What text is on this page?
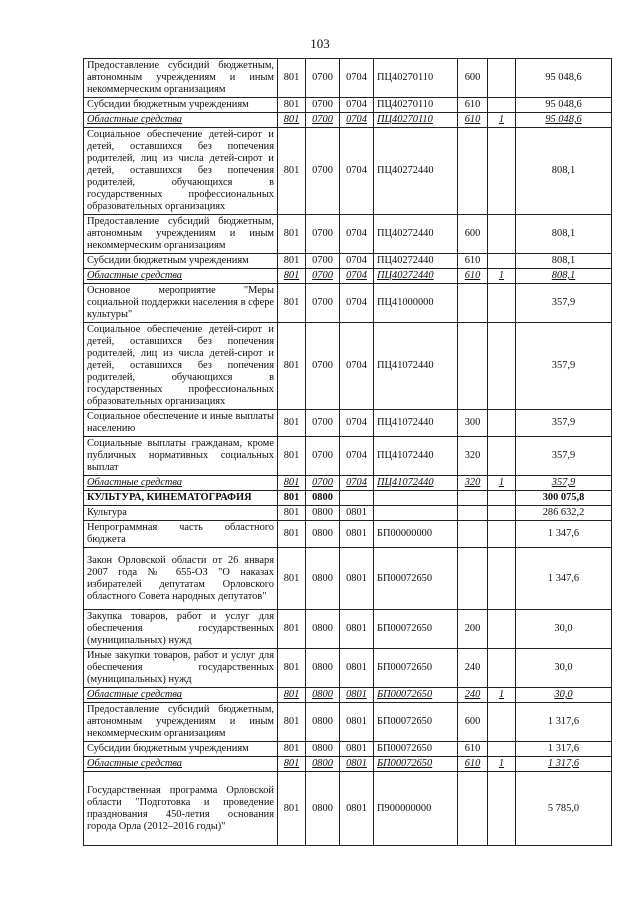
103
Предоставление субсидий бюджетным, автономным учреждениям и иным некоммерческим организациям	801	0700	0704	ПЦ40270110	600		95 048,6
Субсидии бюджетным учреждениям	801	0700	0704	ПЦ40270110	610		95 048,6
Областные средства	801	0700	0704	ПЦ40270110	610	1	95 048,6
Социальное обеспечение детей-сирот и детей, оставшихся без попечения родителей, лиц из числа детей-сирот и детей, оставшихся без попечения родителей, обучающихся в государственных профессиональных образовательных организациях	801	0700	0704	ПЦ40272440			808,1
Предоставление субсидий бюджетным, автономным учреждениям и иным некоммерческим организациям	801	0700	0704	ПЦ40272440	600		808,1
Субсидии бюджетным учреждениям	801	0700	0704	ПЦ40272440	610		808,1
Областные средства	801	0700	0704	ПЦ40272440	610	1	808,1
Основное мероприятие "Меры социальной поддержки населения в сфере культуры"	801	0700	0704	ПЦ41000000			357,9
Социальное обеспечение детей-сирот и детей, оставшихся без попечения родителей, лиц из числа детей-сирот и детей, оставшихся без попечения родителей, обучающихся в государственных профессиональных образовательных организациях	801	0700	0704	ПЦ41072440			357,9
Социальное обеспечение и иные выплаты населению	801	0700	0704	ПЦ41072440	300		357,9
Социальные выплаты гражданам, кроме публичных нормативных социальных выплат	801	0700	0704	ПЦ41072440	320		357,9
Областные средства	801	0700	0704	ПЦ41072440	320	1	357,9
КУЛЬТУРА, КИНЕМАТОГРАФИЯ	801	0800					300 075,8
Культура	801	0800	0801				286 632,2
Непрограммная часть областного бюджета	801	0800	0801	БП00000000			1 347,6
Закон Орловской области от 26 января 2007 года № 655-ОЗ "О наказах избирателей депутатам Орловского областного Совета народных депутатов"	801	0800	0801	БП00072650			1 347,6
Закупка товаров, работ и услуг для обеспечения государственных (муниципальных) нужд	801	0800	0801	БП00072650	200		30,0
Иные закупки товаров, работ и услуг для обеспечения государственных (муниципальных) нужд	801	0800	0801	БП00072650	240		30,0
Областные средства	801	0800	0801	БП00072650	240	1	30,0
Предоставление субсидий бюджетным, автономным учреждениям и иным некоммерческим организациям	801	0800	0801	БП00072650	600		1 317,6
Субсидии бюджетным учреждениям	801	0800	0801	БП00072650	610		1 317,6
Областные средства	801	0800	0801	БП00072650	610	1	1 317,6
Государственная программа Орловской области "Подготовка и проведение празднования 450-летия основания города Орла (2012–2016 годы)"	801	0800	0801	П900000000			5 785,0
